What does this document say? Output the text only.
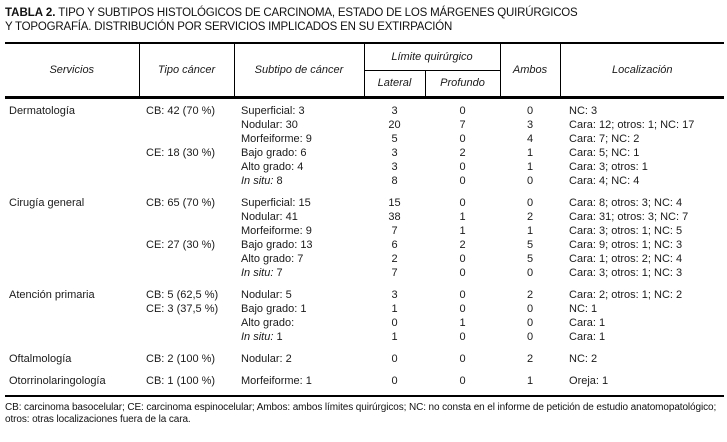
TABLA 2. TIPO Y SUBTIPOS HISTOLÓGICOS DE CARCINOMA, ESTADO DE LOS MÁRGENES QUIRÚRGICOS
Y TOPOGRAFÍA. DISTRIBUCIÓN POR SERVICIOS IMPLICADOS EN SU EXTIRPACIÓN
Servicios	Tipo cáncer	Subtipo de cáncer	Límite quirúrgico		Ambos	Localización
			Lateral	Profundo		
Dermatología	CB: 42 (70 %)	Superficial: 3	3	0	0	NC: 3
		Nodular: 30	20	7	3	Cara: 12; otros: 1; NC: 17
		Morfeiforme: 9	5	0	4	Cara: 7; NC: 2
	CE: 18 (30 %)	Bajo grado: 6	3	2	1	Cara: 5; NC: 1
		Alto grado: 4	3	0	1	Cara: 3; otros: 1
		In situ: 8	8	0	0	Cara: 4; NC: 4
Cirugía general	CB: 65 (70 %)	Superficial: 15	15	0	0	Cara: 8; otros: 3; NC: 4
		Nodular: 41	38	1	2	Cara: 31; otros: 3; NC: 7
		Morfeiforme: 9	7	1	1	Cara: 3; otros: 1; NC: 5
	CE: 27 (30 %)	Bajo grado: 13	6	2	5	Cara: 9; otros: 1; NC: 3
		Alto grado: 7	2	0	5	Cara: 1; otros: 2; NC: 4
		In situ: 7	7	0	0	Cara: 3; otros: 1; NC: 3
Atención primaria	CB: 5 (62,5 %)	Nodular: 5	3	0	2	Cara: 2; otros: 1; NC: 2
	CE: 3 (37,5 %)	Bajo grado: 1	1	0	0	NC: 1
		Alto grado:	0	1	0	Cara: 1
		In situ: 1	1	0	0	Cara: 1
Oftalmología	CB: 2 (100 %)	Nodular: 2	0	0	2	NC: 2
Otorrinolaringología	CB: 1 (100 %)	Morfeiforme: 1	0	0	1	Oreja: 1
CB: carcinoma basocelular; CE: carcinoma espinocelular; Ambos: ambos límites quirúrgicos; NC: no consta en el informe de petición de estudio anatomopatológico; otros: otras localizaciones fuera de la cara.
